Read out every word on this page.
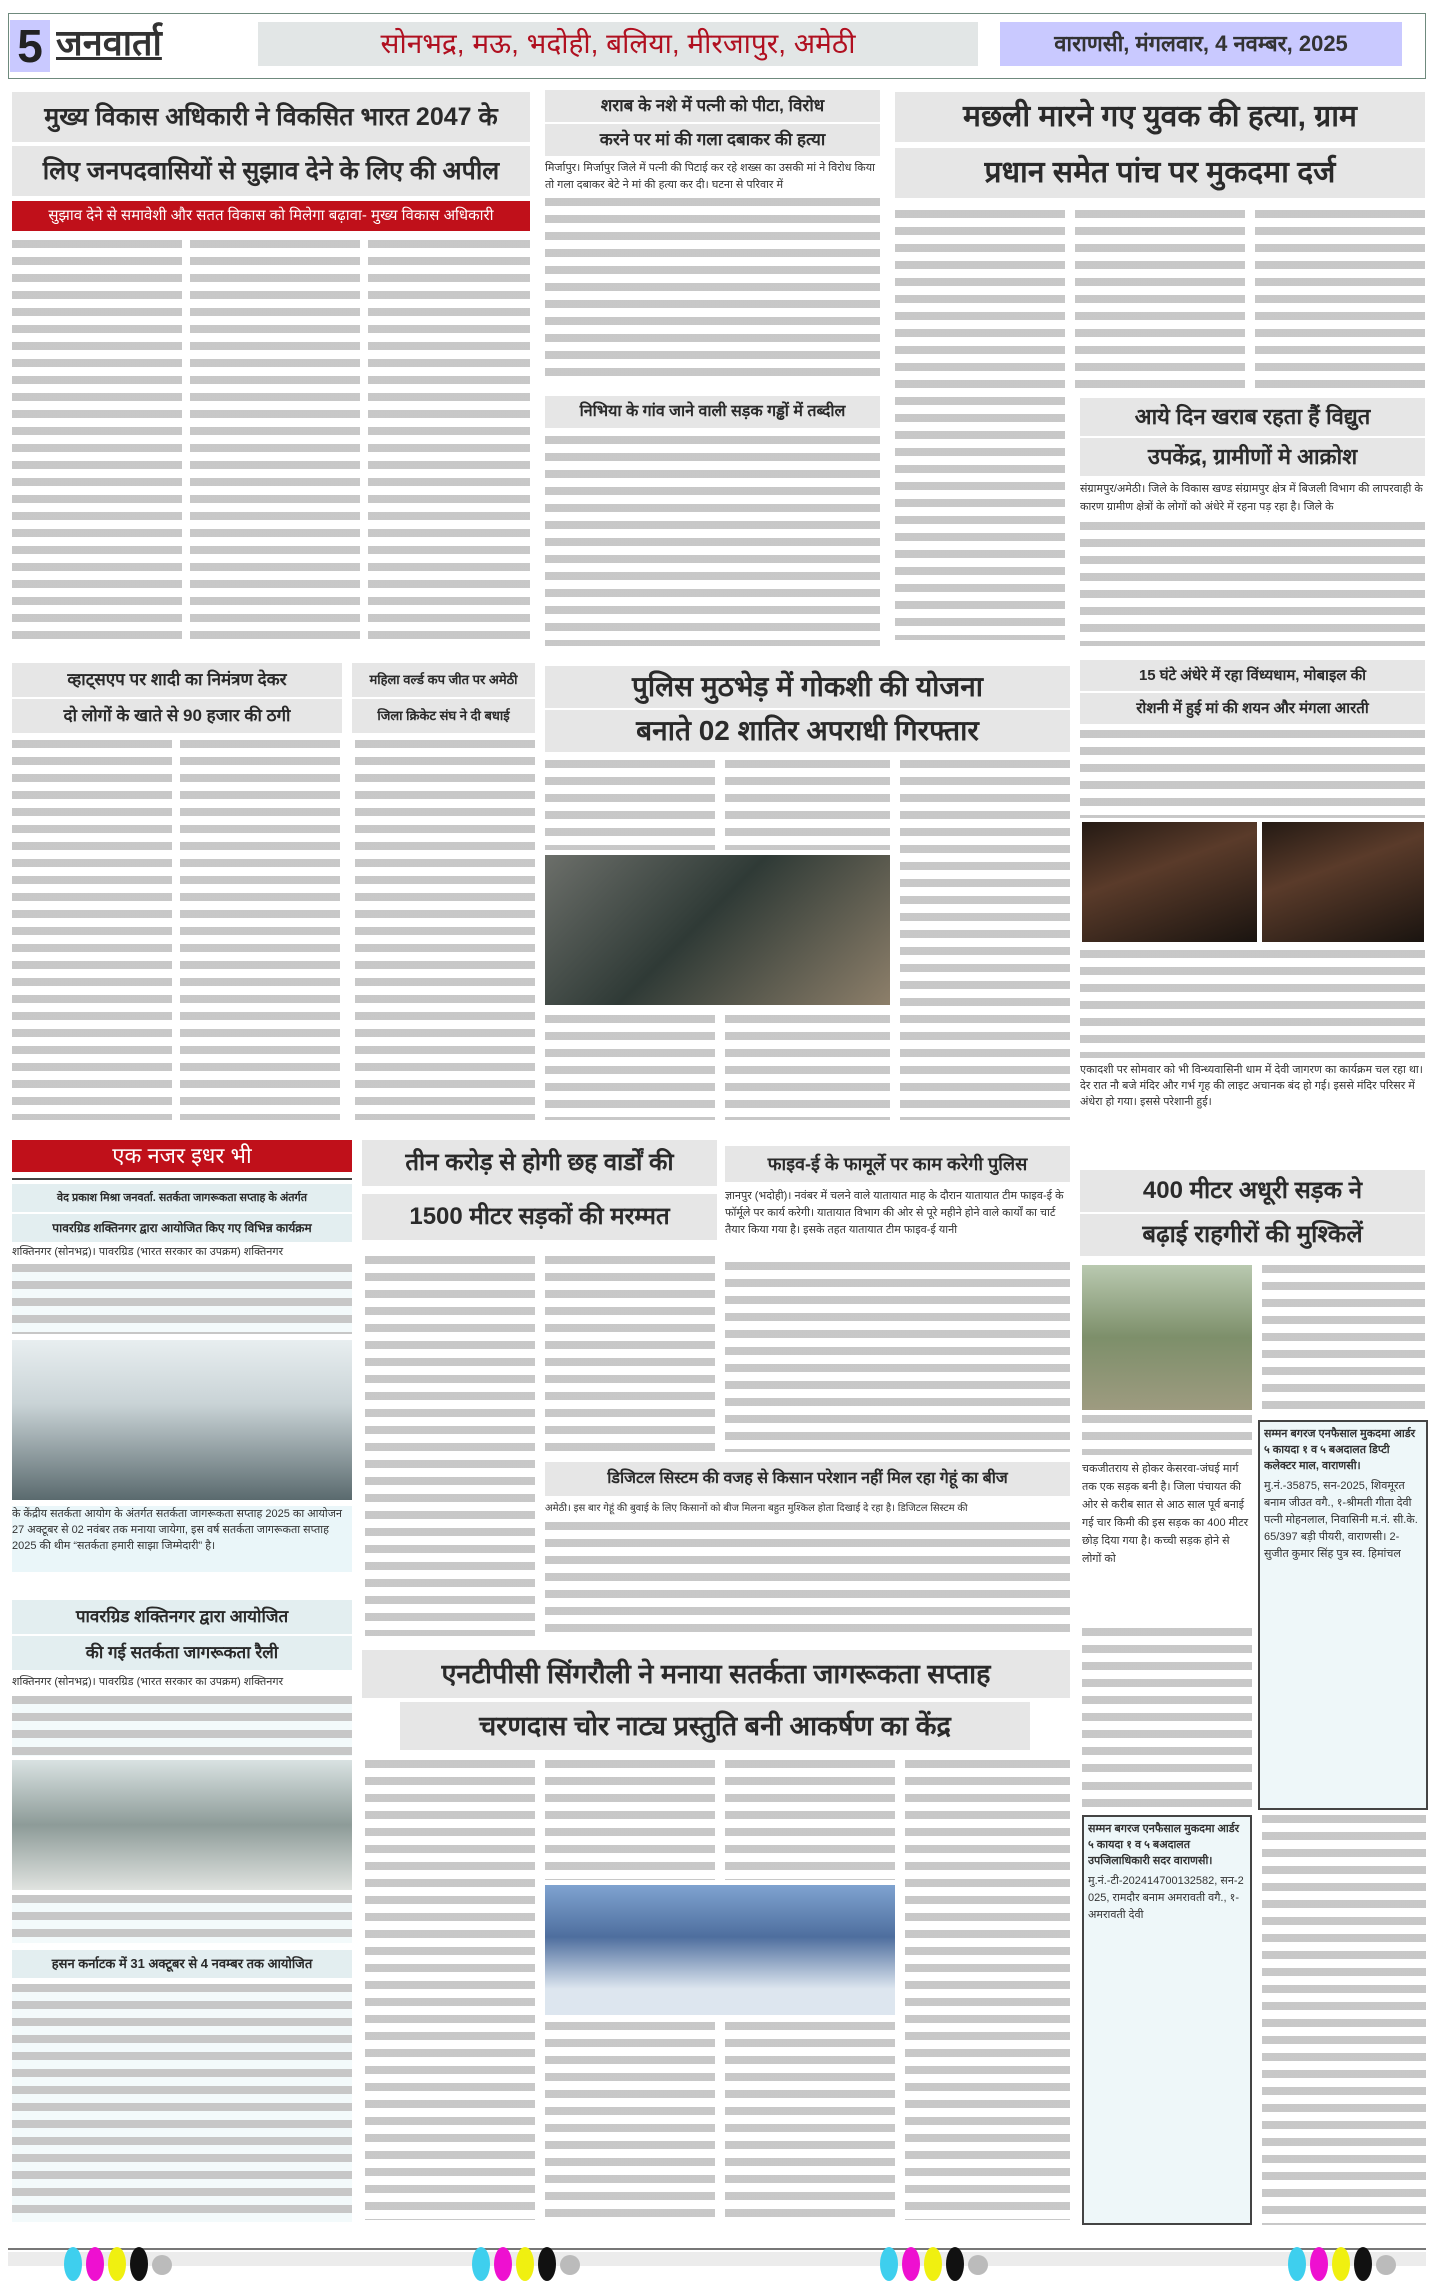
5 जनवार्ता	सोनभद्र, मऊ, भदोही, बलिया, मीरजापुर, अमेठी	वाराणसी, मंगलवार, 4 नवम्बर, 2025
मुख्य विकास अधिकारी ने विकसित भारत 2047 के
लिए जनपदवासियों से सुझाव देने के लिए की अपील
सुझाव देने से समावेशी और सतत विकास को मिलेगा बढ़ावा- मुख्य विकास अधिकारी
शराब के नशे में पत्नी को पीटा, विरोध
करने पर मां की गला दबाकर की हत्या
मिर्जापुर। मिर्जापुर जिले में पत्नी की पिटाई कर रहे शख्स का उसकी मां ने विरोध किया तो गला दबाकर बेटे ने मां की हत्या कर दी। घटना से परिवार में
निभिया के गांव जाने वाली सड़क गड्ढों में तब्दील
मछली मारने गए युवक की हत्या, ग्राम
प्रधान समेत पांच पर मुकदमा दर्ज
आये दिन खराब रहता हैं विद्युत
उपकेंद्र, ग्रामीणों मे आक्रोश
संग्रामपुर/अमेठी। जिले के विकास खण्ड संग्रामपुर क्षेत्र में बिजली विभाग की लापरवाही के कारण ग्रामीण क्षेत्रों के लोगों को अंधेरे में रहना पड़ रहा है। जिले के
व्हाट्सएप पर शादी का निमंत्रण देकर
दो लोगों के खाते से 90 हजार की ठगी
महिला वर्ल्ड कप जीत पर अमेठी
जिला क्रिकेट संघ ने दी बधाई
पुलिस मुठभेड़ में गोकशी की योजना
बनाते 02 शातिर अपराधी गिरफ्तार
15 घंटे अंधेरे में रहा विंध्यधाम, मोबाइल की
रोशनी में हुई मां की शयन और मंगला आरती
एकादशी पर सोमवार को भी विन्ध्यवासिनी धाम में देवी जागरण का कार्यक्रम चल रहा था। देर रात नौ बजे मंदिर और गर्भ गृह की लाइट अचानक बंद हो गई। इससे मंदिर परिसर में अंधेरा हो गया। इससे परेशानी हुई।
एक नजर इधर भी
वेद प्रकाश मिश्रा जनवर्ता. सतर्कता जागरूकता सप्ताह के अंतर्गत
पावरग्रिड शक्तिनगर द्वारा आयोजित किए गए विभिन्न कार्यक्रम
शक्तिनगर (सोनभद्र)। पावरग्रिड (भारत सरकार का उपक्रम) शक्तिनगर
के केंद्रीय सतर्कता आयोग के अंतर्गत सतर्कता जागरूकता सप्ताह 2025 का आयोजन 27 अक्टूबर से 02 नवंबर तक मनाया जायेगा, इस वर्ष सतर्कता जागरूकता सप्ताह 2025 की थीम “सतर्कता हमारी साझा जिम्मेदारी” है।
तीन करोड़ से होगी छह वार्डों की
1500 मीटर सड़कों की मरम्मत
फाइव-ई के फामूर्ले पर काम करेगी पुलिस
ज्ञानपुर (भदोही)। नवंबर में चलने वाले यातायात माह के दौरान यातायात टीम फाइव-ई के फॉर्मूले पर कार्य करेगी। यातायात विभाग की ओर से पूरे महीने होने वाले कार्यों का चार्ट तैयार किया गया है। इसके तहत यातायात टीम फाइव-ई यानी
डिजिटल सिस्टम की वजह से किसान परेशान नहीं मिल रहा गेहूं का बीज
अमेठी। इस बार गेहूं की बुवाई के लिए किसानों को बीज मिलना बहुत मुश्किल होता दिखाई दे रहा है। डिजिटल सिस्टम की
400 मीटर अधूरी सड़क ने
बढ़ाई राहगीरों की मुश्किलें
चकजीतराय से होकर केसरवा-जंघई मार्ग तक एक सड़क बनी है। जिला पंचायत की ओर से करीब सात से आठ साल पूर्व बनाई गई चार किमी की इस सड़क का 400 मीटर छोड़ दिया गया है। कच्ची सड़क होने से लोगों को
सम्मन बगरज एनफैसाल मुकदमा आर्डर ५ कायदा १ व ५ बअदालत डिप्टी कलेक्टर माल, वाराणसी।
मु.नं.-35875, सन-2025, शिवमूरत बनाम जीउत वगै., १-श्रीमती गीता देवी पत्नी मोहनलाल, निवासिनी म.नं. सी.के. 65/397 बड़ी पीयरी, वाराणसी। 2-सुजीत कुमार सिंह पुत्र स्व. हिमांचल
पावरग्रिड शक्तिनगर द्वारा आयोजित
की गई सतर्कता जागरूकता रैली
शक्तिनगर (सोनभद्र)। पावरग्रिड (भारत सरकार का उपक्रम) शक्तिनगर
हसन कर्नाटक में 31 अक्टूबर से 4 नवम्बर तक आयोजित
एनटीपीसी सिंगरौली ने मनाया सतर्कता जागरूकता सप्ताह
चरणदास चोर नाट्य प्रस्तुति बनी आकर्षण का केंद्र
सम्मन बगरज एनफैसाल मुकदमा आर्डर ५ कायदा १ व ५ बअदालत उपजिलाधिकारी सदर वाराणसी।
मु.नं.-टी-202414700132582, सन-2025, रामदौर बनाम अमरावती वगै., १-अमरावती देवी
